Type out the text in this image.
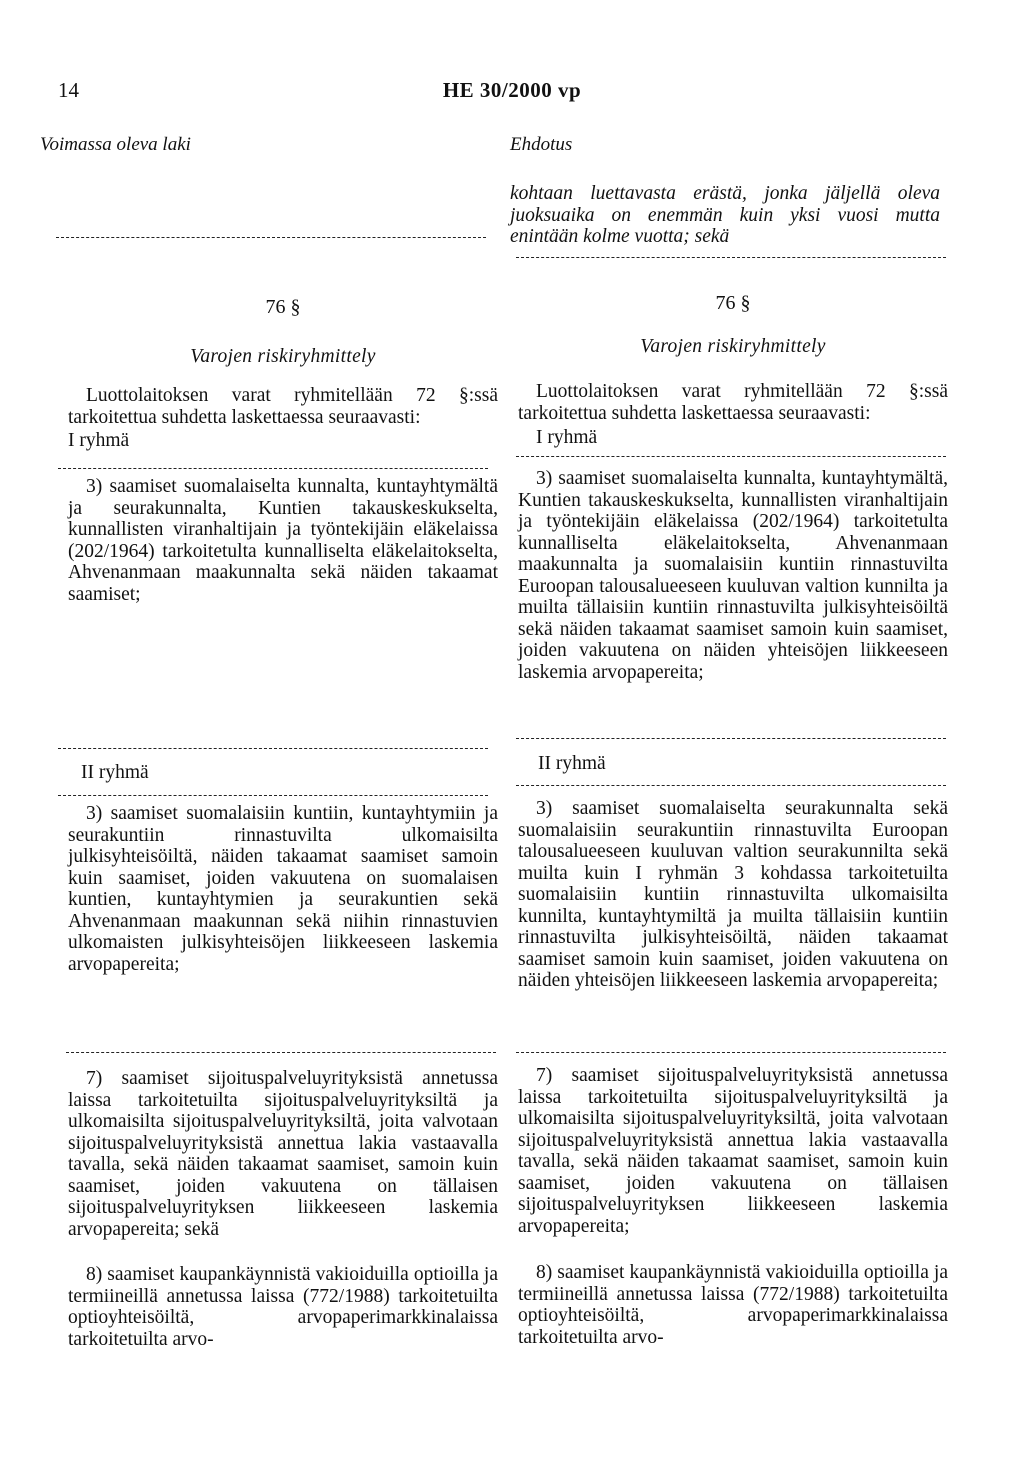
14	HE 30/2000 vp
Voimassa oleva laki	Ehdotus
76 §
Varojen riskiryhmittely
Luottolaitoksen varat ryhmitellään 72 §:ssä tarkoitettua suhdetta laskettaessa seuraavasti:
I ryhmä
3) saamiset suomalaiselta kunnalta, kuntayhtymältä ja seurakunnalta, Kuntien takauskeskukselta, kunnallisten viranhaltijain ja työntekijäin eläkelaissa (202/1964) tarkoitetulta kunnalliselta eläkelaitokselta, Ahvenanmaan maakunnalta sekä näiden takaamat saamiset;
II ryhmä
3) saamiset suomalaisiin kuntiin, kuntayhtymiin ja seurakuntiin rinnastuvilta ulkomaisilta julkisyhteisöiltä, näiden takaamat saamiset samoin kuin saamiset, joiden vakuutena on suomalaisen kuntien, kuntayhtymien ja seurakuntien sekä Ahvenanmaan maakunnan sekä niihin rinnastuvien ulkomaisten julkisyhteisöjen liikkeeseen laskemia arvopapereita;
7) saamiset sijoituspalveluyrityksistä annetussa laissa tarkoitetuilta sijoituspalveluyrityksiltä ja ulkomaisilta sijoituspalveluyrityksiltä, joita valvotaan sijoituspalveluyrityksistä annettua lakia vastaavalla tavalla, sekä näiden takaamat saamiset, samoin kuin saamiset, joiden vakuutena on tällaisen sijoituspalveluyrityksen liikkeeseen laskemia arvopapereita; sekä
8) saamiset kaupankäynnistä vakioiduilla optioilla ja termiineillä annetussa laissa (772/1988) tarkoitetuilta optioyhteisöiltä, arvopaperimarkkinalaissa tarkoitetuilta arvo-
kohtaan luettavasta erästä, jonka jäljellä oleva juoksuaika on enemmän kuin yksi vuosi mutta enintään kolme vuotta; sekä
76 §
Varojen riskiryhmittely
Luottolaitoksen varat ryhmitellään 72 §:ssä tarkoitettua suhdetta laskettaessa seuraavasti:
I ryhmä
3) saamiset suomalaiselta kunnalta, kuntayhtymältä, Kuntien takauskeskukselta, kunnallisten viranhaltijain ja työntekijäin eläkelaissa (202/1964) tarkoitetulta kunnalliselta eläkelaitokselta, Ahvenanmaan maakunnalta ja suomalaisiin kuntiin rinnastuvilta Euroopan talousalueeseen kuuluvan valtion kunnilta ja muilta tällaisiin kuntiin rinnastuvilta julkisyhteisöiltä sekä näiden takaamat saamiset samoin kuin saamiset, joiden vakuutena on näiden yhteisöjen liikkeeseen laskemia arvopapereita;
II ryhmä
3) saamiset suomalaiselta seurakunnalta sekä suomalaisiin seurakuntiin rinnastuvilta Euroopan talousalueeseen kuuluvan valtion seurakunnilta sekä muilta kuin I ryhmän 3 kohdassa tarkoitetuilta suomalaisiin kuntiin rinnastuvilta ulkomaisilta kunnilta, kuntayhtymiltä ja muilta tällaisiin kuntiin rinnastuvilta julkisyhteisöiltä, näiden takaamat saamiset samoin kuin saamiset, joiden vakuutena on näiden yhteisöjen liikkeeseen laskemia arvopapereita;
7) saamiset sijoituspalveluyrityksistä annetussa laissa tarkoitetuilta sijoituspalveluyrityksiltä ja ulkomaisilta sijoituspalveluyrityksiltä, joita valvotaan sijoituspalveluyrityksistä annettua lakia vastaavalla tavalla, sekä näiden takaamat saamiset, samoin kuin saamiset, joiden vakuutena on tällaisen sijoituspalveluyrityksen liikkeeseen laskemia arvopapereita;
8) saamiset kaupankäynnistä vakioiduilla optioilla ja termiineillä annetussa laissa (772/1988) tarkoitetuilta optioyhteisöiltä, arvopaperimarkkinalaissa tarkoitetuilta arvo-
